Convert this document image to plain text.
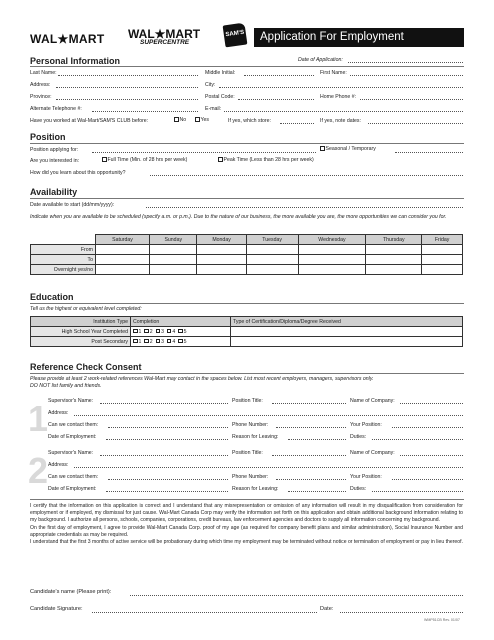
WAL★MART WAL★MART
SUPERCENTRE
SAM'S	Application For Employment
Personal Information	Date of Application:
Last Name:	Middle Initial:	First Name:
Address:	City:
Province:	Postal Code:	Home Phone #:
Alternate Telephone #:	E-mail:
Have you worked at Wal-Mart/SAM'S CLUB before:	No	Yes	If yes, which store:	If yes, note dates:
Position
Position applying for:	Seasonal / Temporary
Are you interested in:	Full Time (Min. of 28 hrs per week)	Peak Time (Less than 28 hrs per week)
How did you learn about this opportunity?
Availability
Date available to start (dd/mm/yyyy):
Indicate when you are available to be scheduled (specify a.m. or p.m.). Due to the nature of our business, the more available you are, the more opportunities we can consider you for.
	Saturday	Sunday	Monday	Tuesday	Wednesday	Thursday	Friday
From							
To							
Overnight yes/no							
Education
Tell us the highest or equivalent level completed:
Institution Type	Completion	Type of Certification/Diploma/Degree Received
High School Year Completed	1 2 3 4 5	
Post Secondary	1 2 3 4 5	
Reference Check Consent
Please provide at least 2 work-related references Wal-Mart may contact in the spaces below. List most recent employers, managers, supervisors only.
DO NOT list family and friends.
1 Supervisor's Name:	Position Title:	Name of Company:
Address:
Can we contact them:	Phone Number:	Your Position:
Date of Employment:	Reason for Leaving:	Duties:
2 Supervisor's Name:	Position Title:	Name of Company:
Address:
Can we contact them:	Phone Number:	Your Position:
Date of Employment:	Reason for Leaving:	Duties:
I certify that the information on this application is correct and I understand that any misrepresentation or omission of any information will result in my disqualification from consideration for employment or if employed, my dismissal for just cause. Wal-Mart Canada Corp may verify the information set forth on this application and obtain additional background information relating to my background. I authorize all persons, schools, companies, corporations, credit bureaus, law enforcement agencies and doctors to supply all information concerning my background.
On the first day of employment, I agree to provide Wal-Mart Canada Corp. proof of my age (as required for company benefit plans and similar administration), Social Insurance Number and appropriate credentials as may be required.
I understand that the first 3 months of active service will be probationary during which time my employment may be terminated without notice or termination of employment or pay in lieu thereof.
Candidate's name (Please print):
Candidate Signature:	Date:
WMP51CB Rev. 01/07
